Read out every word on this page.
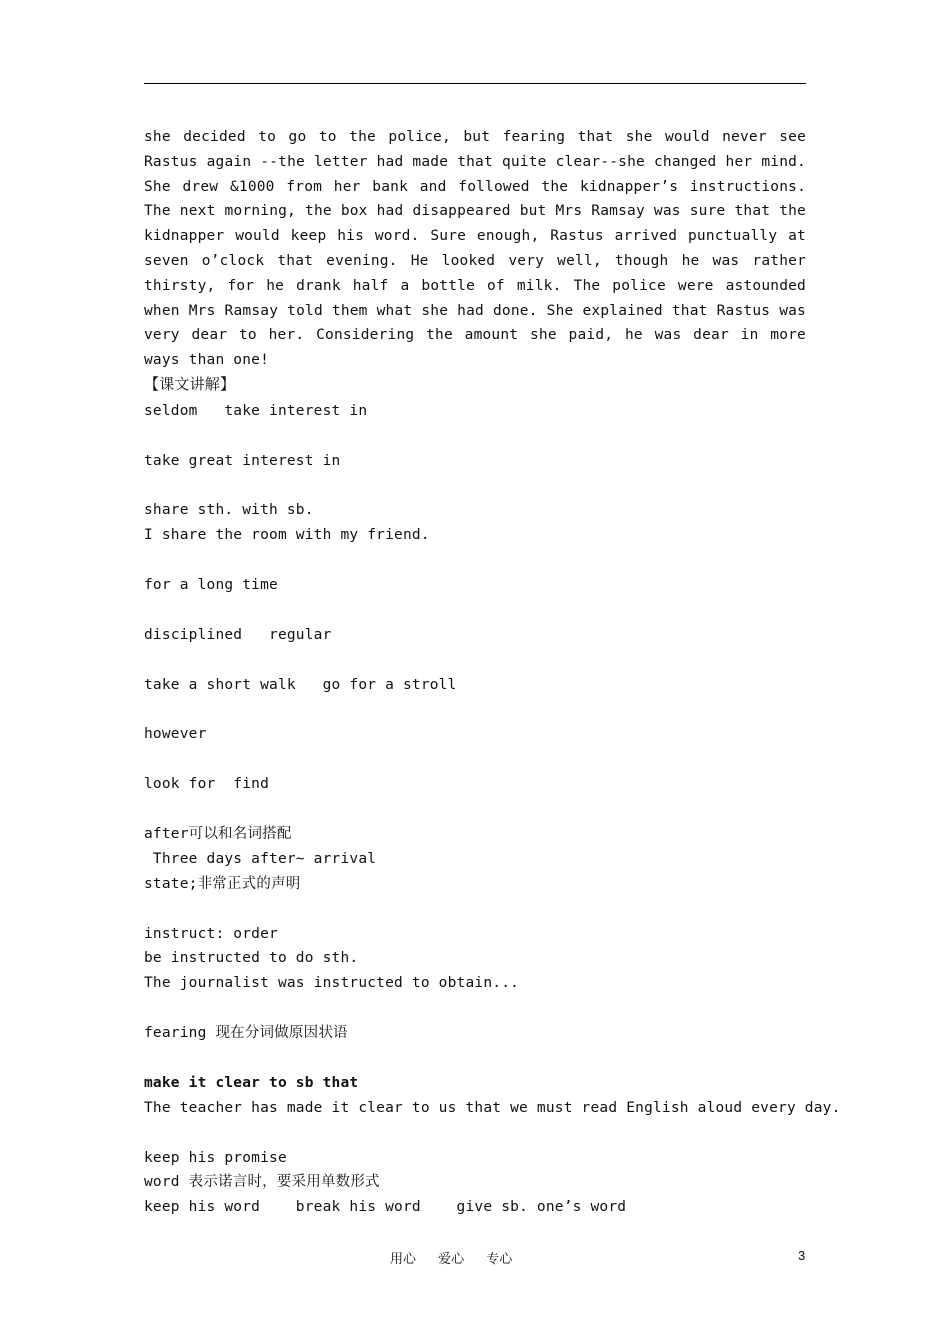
she decided to go to the police, but fearing that she would never see Rastus again --the letter had made that quite clear--she changed her mind. She drew &1000 from her bank and followed the kidnapper’s instructions. The next morning, the box had disappeared but Mrs Ramsay was sure that the kidnapper would keep his word. Sure enough, Rastus arrived punctually at seven o’clock that evening. He looked very well, though he was rather thirsty, for he drank half a bottle of milk. The police were astounded when Mrs Ramsay told them what she had done. She explained that Rastus was very dear to her. Considering the amount she paid, he was dear in more ways than one!
【课文讲解】
seldom   take interest in
take great interest in
share sth. with sb.
I share the room with my friend.
for a long time
disciplined   regular
take a short walk   go for a stroll
however
look for  find
after可以和名词搭配
Three days after~ arrival
state;非常正式的声明
instruct: order
be instructed to do sth.
The journalist was instructed to obtain...
fearing 现在分词做原因状语
make it clear to sb that
The teacher has made it clear to us that we must read English aloud every day.
keep his promise
word 表示诺言时，要采用单数形式
keep his word    break his word    give sb. one’s word
用心 爱心 专心	3
